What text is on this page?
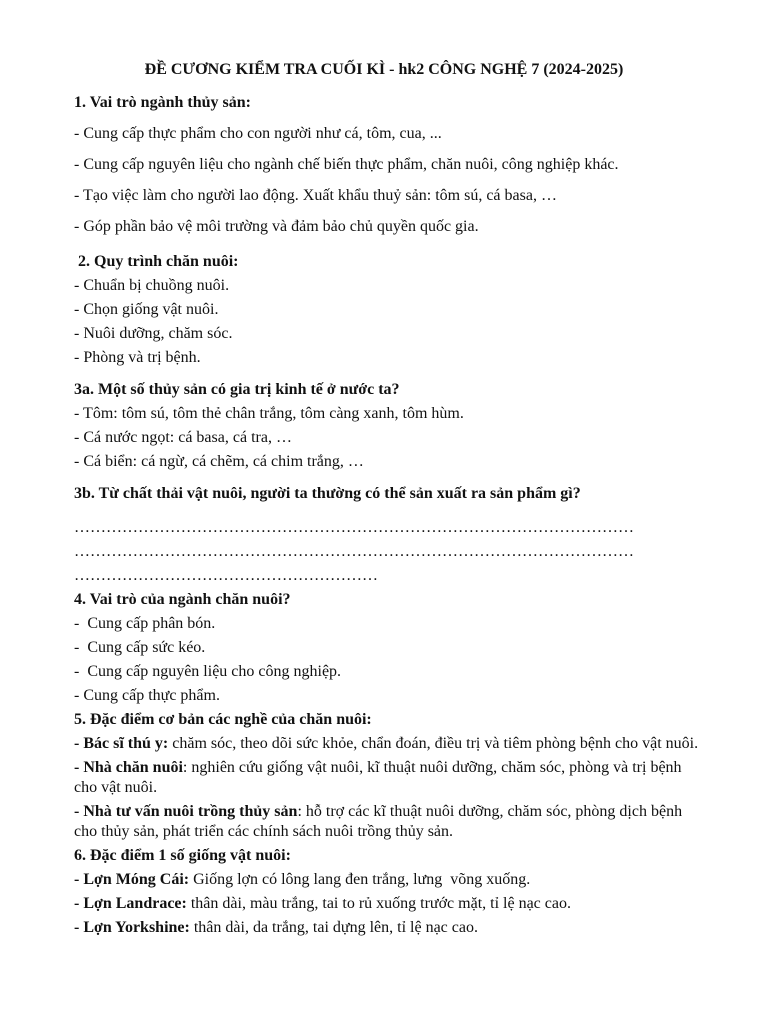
ĐỀ CƯƠNG KIỂM TRA CUỐI KÌ - hk2 CÔNG NGHỆ 7 (2024-2025)

1. Vai trò ngành thủy sản:

- Cung cấp thực phẩm cho con người như cá, tôm, cua, ...

- Cung cấp nguyên liệu cho ngành chế biến thực phẩm, chăn nuôi, công nghiệp khác.

- Tạo việc làm cho người lao động. Xuất khẩu thuỷ sản: tôm sú, cá basa, …

- Góp phần bảo vệ môi trường và đảm bảo chủ quyền quốc gia.

2. Quy trình chăn nuôi:

- Chuẩn bị chuồng nuôi.

- Chọn giống vật nuôi.

- Nuôi dưỡng, chăm sóc.

- Phòng và trị bệnh.

3a. Một số thủy sản có gia trị kinh tế ở nước ta?

- Tôm: tôm sú, tôm thẻ chân trắng, tôm càng xanh, tôm hùm.

- Cá nước ngọt: cá basa, cá tra, …

- Cá biển: cá ngừ, cá chẽm, cá chim trắng, …

3b. Từ chất thải vật nuôi, người ta thường có thể sản xuất ra sản phẩm gì?

……………………………………………………………………………………………

……………………………………………………………………………………………

…………………………………………………

4. Vai trò của ngành chăn nuôi?

-  Cung cấp phân bón.

-  Cung cấp sức kéo.

-  Cung cấp nguyên liệu cho công nghiệp.

- Cung cấp thực phẩm.

5. Đặc điểm cơ bản các nghề của chăn nuôi:

- Bác sĩ thú y: chăm sóc, theo dõi sức khỏe, chẩn đoán, điều trị và tiêm phòng bệnh cho vật nuôi.

- Nhà chăn nuôi: nghiên cứu giống vật nuôi, kĩ thuật nuôi dưỡng, chăm sóc, phòng và trị bệnh cho vật nuôi.

- Nhà tư vấn nuôi trồng thủy sản: hỗ trợ các kĩ thuật nuôi dưỡng, chăm sóc, phòng dịch bệnh cho thủy sản, phát triển các chính sách nuôi trồng thủy sản.

6. Đặc điểm 1 số giống vật nuôi:

- Lợn Móng Cái: Giống lợn có lông lang đen trắng, lưng  võng xuống.

- Lợn Landrace: thân dài, màu trắng, tai to rủ xuống trước mặt, tỉ lệ nạc cao.

- Lợn Yorkshine: thân dài, da trắng, tai dựng lên, tỉ lệ nạc cao.
